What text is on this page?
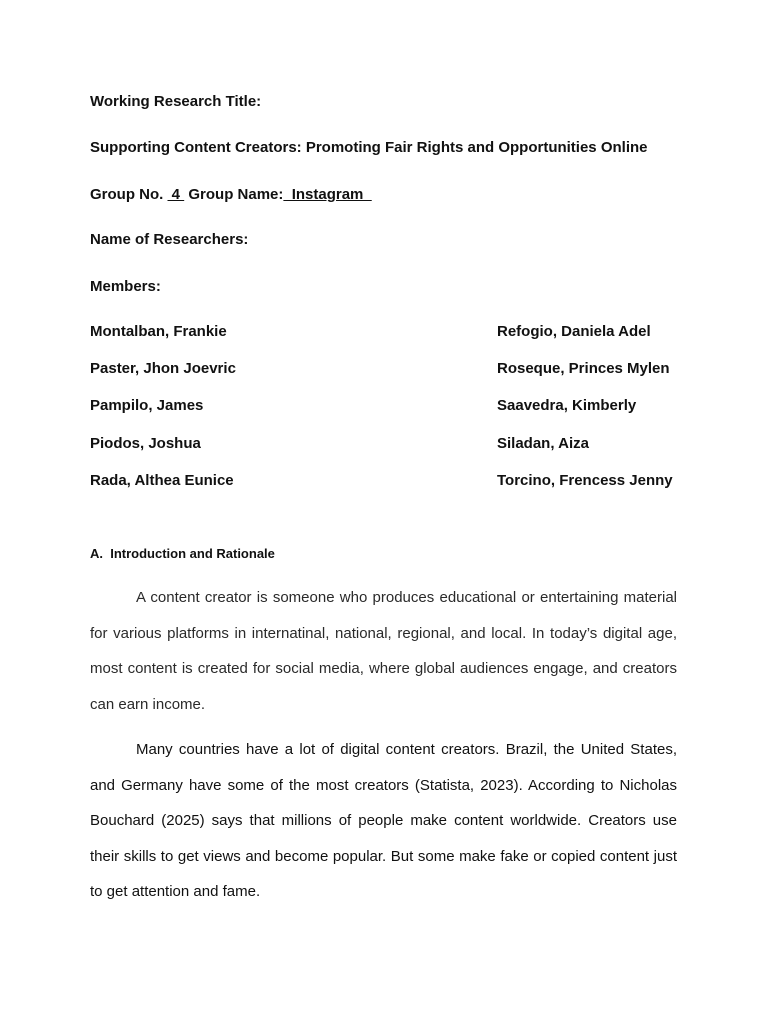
Working Research Title:
Supporting Content Creators: Promoting Fair Rights and Opportunities Online
Group No.  4  Group Name:  Instagram
Name of Researchers:
Members:
Montalban, Frankie
Paster, Jhon Joevric
Pampilo, James
Piodos, Joshua
Rada, Althea Eunice
Refogio, Daniela Adel
Roseque, Princes Mylen
Saavedra, Kimberly
Siladan, Aiza
Torcino, Frencess Jenny
A.  Introduction and Rationale

A content creator is someone who produces educational or entertaining material for various platforms in internatinal, national, regional, and local. In today’s digital age, most content is created for social media, where global audiences engage, and creators can earn income.

Many countries have a lot of digital content creators. Brazil, the United States, and Germany have some of the most creators (Statista, 2023). According to Nicholas Bouchard (2025) says that millions of people make content worldwide. Creators use their skills to get views and become popular. But some make fake or copied content just to get attention and fame.
